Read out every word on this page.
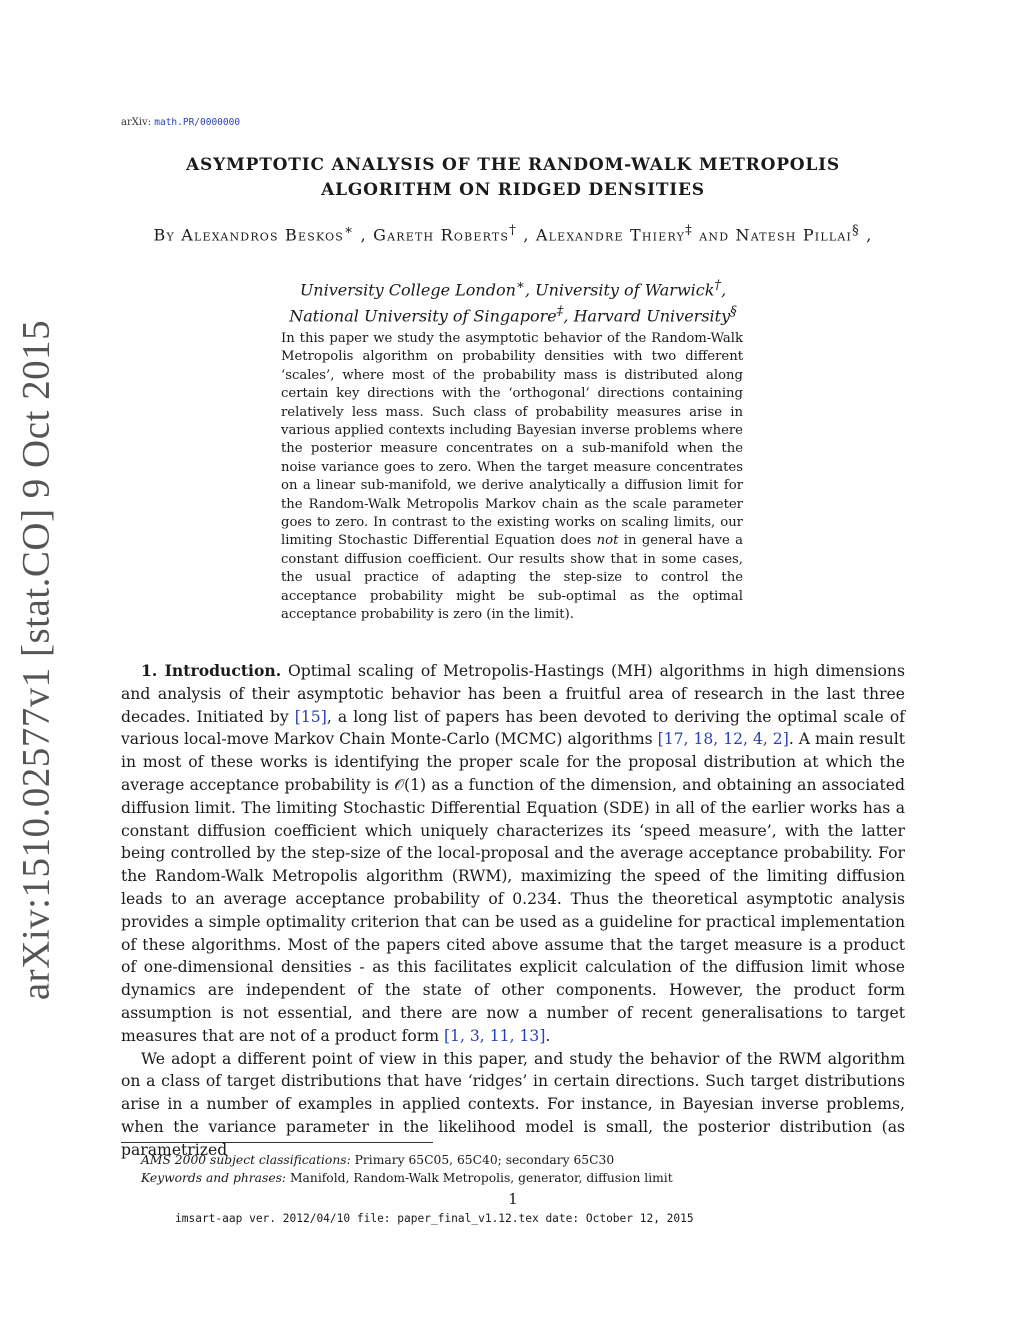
arXiv:1510.02577v1 [stat.CO] 9 Oct 2015
arXiv: math.PR/0000000
ASYMPTOTIC ANALYSIS OF THE RANDOM-WALK METROPOLIS
ALGORITHM ON RIDGED DENSITIES
By Alexandros Beskos∗ , Gareth Roberts† , Alexandre Thiery‡ and Natesh Pillai§ ,
University College London∗, University of Warwick†,
National University of Singapore‡, Harvard University§
In this paper we study the asymptotic behavior of the Random-Walk Metropolis algorithm on probability densities with two different ‘scales’, where most of the probability mass is distributed along certain key directions with the ‘orthogonal’ directions containing relatively less mass. Such class of probability measures arise in various applied contexts including Bayesian inverse problems where the posterior measure concentrates on a sub-manifold when the noise variance goes to zero. When the target measure concentrates on a linear sub-manifold, we derive analytically a diffusion limit for the Random-Walk Metropolis Markov chain as the scale parameter goes to zero. In contrast to the existing works on scaling limits, our limiting Stochastic Differential Equation does not in general have a constant diffusion coefficient. Our results show that in some cases, the usual practice of adapting the step-size to control the acceptance probability might be sub-optimal as the optimal acceptance probability is zero (in the limit).

1. Introduction. Optimal scaling of Metropolis-Hastings (MH) algorithms in high dimensions and analysis of their asymptotic behavior has been a fruitful area of research in the last three decades. Initiated by [15], a long list of papers has been devoted to deriving the optimal scale of various local-move Markov Chain Monte-Carlo (MCMC) algorithms [17, 18, 12, 4, 2]. A main result in most of these works is identifying the proper scale for the proposal distribution at which the average acceptance probability is 𝒪(1) as a function of the dimension, and obtaining an associated diffusion limit. The limiting Stochastic Differential Equation (SDE) in all of the earlier works has a constant diffusion coefficient which uniquely characterizes its ‘speed measure’, with the latter being controlled by the step-size of the local-proposal and the average acceptance probability. For the Random-Walk Metropolis algorithm (RWM), maximizing the speed of the limiting diffusion leads to an average acceptance probability of 0.234. Thus the theoretical asymptotic analysis provides a simple optimality criterion that can be used as a guideline for practical implementation of these algorithms. Most of the papers cited above assume that the target measure is a product of one-dimensional densities - as this facilitates explicit calculation of the diffusion limit whose dynamics are independent of the state of other components. However, the product form assumption is not essential, and there are now a number of recent generalisations to target measures that are not of a product form [1, 3, 11, 13].

We adopt a different point of view in this paper, and study the behavior of the RWM algorithm on a class of target distributions that have ‘ridges’ in certain directions. Such target distributions arise in a number of examples in applied contexts. For instance, in Bayesian inverse problems, when the variance parameter in the likelihood model is small, the posterior distribution (as parametrized

AMS 2000 subject classifications: Primary 65C05, 65C40; secondary 65C30
Keywords and phrases: Manifold, Random-Walk Metropolis, generator, diffusion limit
1
imsart-aap ver. 2012/04/10 file: paper_final_v1.12.tex date: October 12, 2015
